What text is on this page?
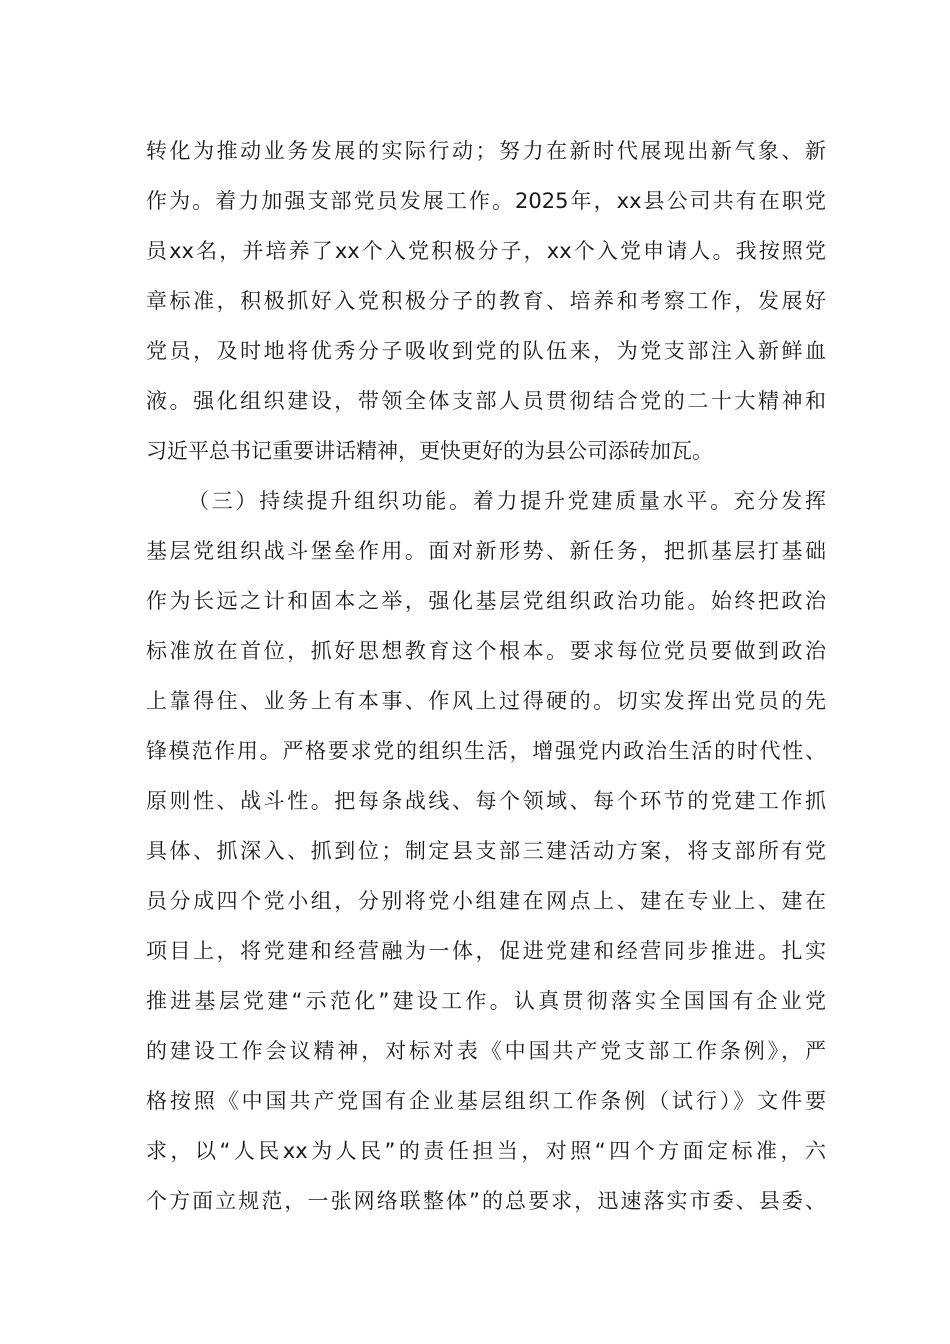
转化为推动业务发展的实际行动；努力在新时代展现出新气象、新
作为。着力加强支部党员发展工作。2025年，xx县公司共有在职党
员xx名，并培养了xx个入党积极分子，xx个入党申请人。我按照党
章标准，积极抓好入党积极分子的教育、培养和考察工作，发展好
党员，及时地将优秀分子吸收到党的队伍来，为党支部注入新鲜血
液。强化组织建设，带领全体支部人员贯彻结合党的二十大精神和
习近平总书记重要讲话精神，更快更好的为县公司添砖加瓦。
（三）持续提升组织功能。着力提升党建质量水平。充分发挥
基层党组织战斗堡垒作用。面对新形势、新任务，把抓基层打基础
作为长远之计和固本之举，强化基层党组织政治功能。始终把政治
标准放在首位，抓好思想教育这个根本。要求每位党员要做到政治
上靠得住、业务上有本事、作风上过得硬的。切实发挥出党员的先
锋模范作用。严格要求党的组织生活，增强党内政治生活的时代性、
原则性、战斗性。把每条战线、每个领域、每个环节的党建工作抓
具体、抓深入、抓到位；制定县支部三建活动方案，将支部所有党
员分成四个党小组，分别将党小组建在网点上、建在专业上、建在
项目上，将党建和经营融为一体，促进党建和经营同步推进。扎实
推进基层党建“示范化”建设工作。认真贯彻落实全国国有企业党
的建设工作会议精神，对标对表《中国共产党支部工作条例》，严
格按照《中国共产党国有企业基层组织工作条例（试行）》文件要
求，以“人民xx为人民”的责任担当，对照“四个方面定标准，六
个方面立规范，一张网络联整体”的总要求，迅速落实市委、县委、
